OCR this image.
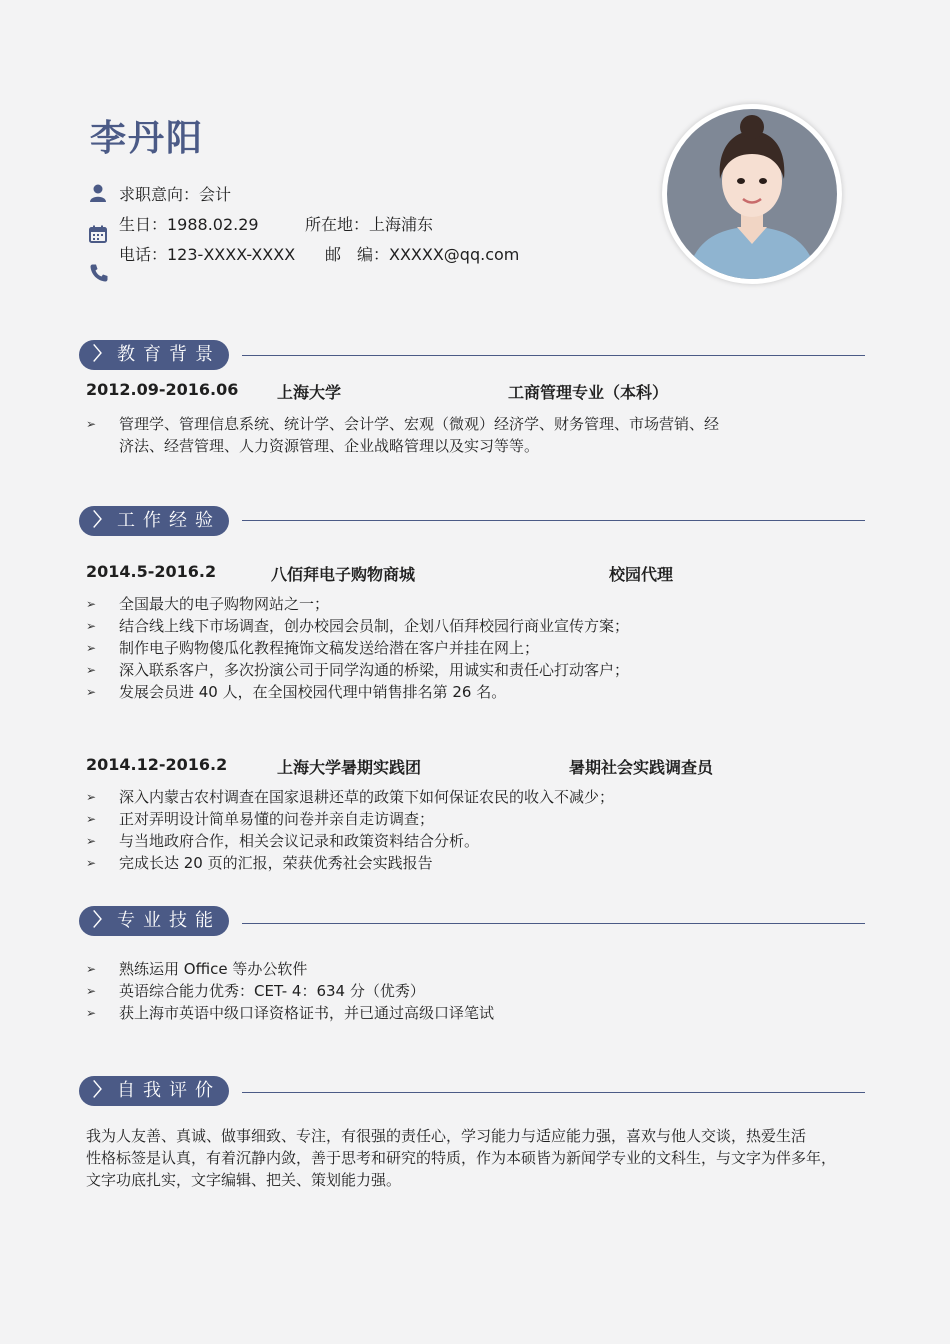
李丹阳
求职意向：会计
生日：1988.02.29	所在地：上海浦东
电话：123-XXXX-XXXX 邮　编：XXXXX@qq.com
〉 教育背景
2012.09-2016.06 上海大学	工商管理专业（本科）
➢ 管理学、管理信息系统、统计学、会计学、宏观（微观）经济学、财务管理、市场营销、经
济法、经营管理、人力资源管理、企业战略管理以及实习等等。
〉 工作经验
2014.5-2016.2	八佰拜电子购物商城	校园代理
➢ 全国最大的电子购物网站之一；
➢ 结合线上线下市场调查，创办校园会员制，企划八佰拜校园行商业宣传方案；
➢ 制作电子购物傻瓜化教程掩饰文稿发送给潜在客户并挂在网上；
➢ 深入联系客户，多次扮演公司于同学沟通的桥梁，用诚实和责任心打动客户；
➢ 发展会员进 40 人，在全国校园代理中销售排名第 26 名。
2014.12-2016.2	上海大学暑期实践团	暑期社会实践调查员
➢ 深入内蒙古农村调查在国家退耕还草的政策下如何保证农民的收入不减少；
➢ 正对弄明设计简单易懂的问卷并亲自走访调查；
➢ 与当地政府合作，相关会议记录和政策资料结合分析。
➢ 完成长达 20 页的汇报，荣获优秀社会实践报告
〉 专业技能
➢ 熟练运用 Office 等办公软件
➢ 英语综合能力优秀：CET- 4：634 分（优秀）
➢ 获上海市英语中级口译资格证书，并已通过高级口译笔试
〉 自我评价
我为人友善、真诚、做事细致、专注，有很强的责任心，学习能力与适应能力强，喜欢与他人交谈，热爱生活
性格标签是认真，有着沉静内敛，善于思考和研究的特质，作为本硕皆为新闻学专业的文科生，与文字为伴多年，
文字功底扎实，文字编辑、把关、策划能力强。
